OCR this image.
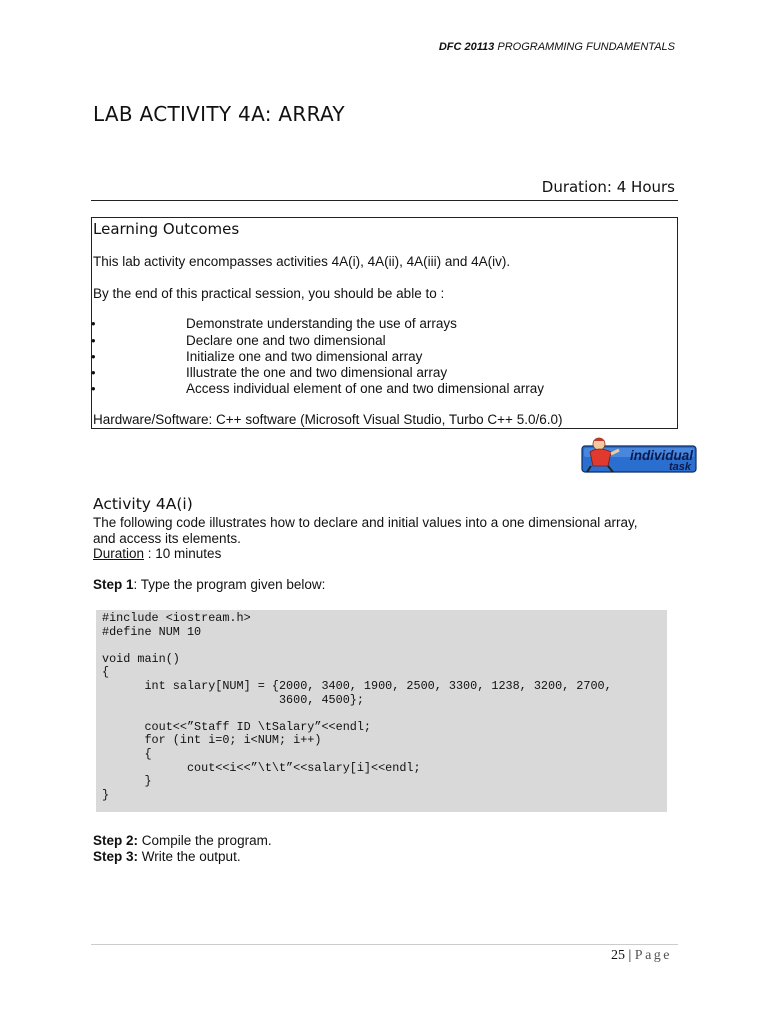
DFC 20113 PROGRAMMING FUNDAMENTALS
LAB ACTIVITY 4A: ARRAY
Duration: 4 Hours
Learning Outcomes
This lab activity encompasses activities 4A(i), 4A(ii), 4A(iii) and 4A(iv).
By the end of this practical session, you should be able to :
•	Demonstrate understanding the use of arrays
•	Declare one and two dimensional
•	Initialize one and two dimensional array
•	Illustrate the one and two dimensional array
•	Access individual element of one and two dimensional array
Hardware/Software: C++ software (Microsoft Visual Studio, Turbo C++ 5.0/6.0)
individual
task
Activity 4A(i)
The following code illustrates how to declare and initial values into a one dimensional array,
and access its elements.
Duration : 10 minutes
Step 1: Type the program given below:
#include <iostream.h>
#define NUM 10

void main()
{
int salary[NUM] = {2000, 3400, 1900, 2500, 3300, 1238, 3200, 2700,
3600, 4500};

cout<<”Staff ID \tSalary”<<endl;
for (int i=0; i<NUM; i++)
{
cout<<i<<”\t\t”<<salary[i]<<endl;
}
}
Step 2: Compile the program.
Step 3: Write the output.
25 | Page
